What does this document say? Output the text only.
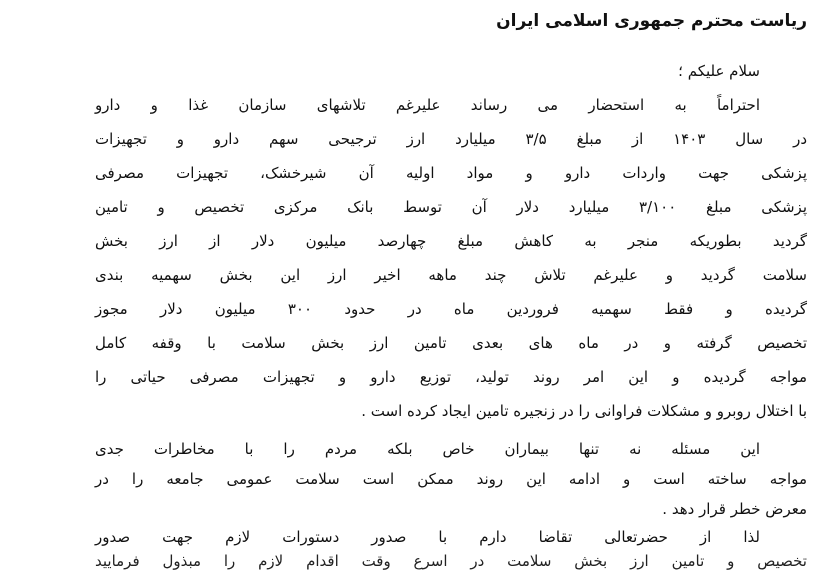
ریاست محترم جمهوری اسلامی ایران
سلام علیکم ؛
احتراماً به استحضار می رساند علیرغم تلاشهای سازمان غذا و دارو
در سال ۱۴۰۳ از مبلغ ۳/۵ میلیارد ارز ترجیحی سهم دارو و تجهیزات
پزشکی جهت واردات دارو و مواد اولیه آن شیرخشک، تجهیزات مصرفی
پزشکی مبلغ ۳/۱۰۰ میلیارد دلار آن توسط بانک مرکزی تخصیص و تامین
گردید بطوریکه منجر به کاهش مبلغ چهارصد میلیون دلار از ارز بخش
سلامت گردید و علیرغم تلاش چند ماهه اخیر ارز این بخش سهمیه بندی
گردیده و فقط سهمیه فروردین ماه در حدود ۳۰۰ میلیون دلار مجوز
تخصیص گرفته و در ماه های بعدی تامین ارز بخش سلامت با وقفه کامل
مواجه گردیده و این امر روند تولید، توزیع دارو و تجهیزات مصرفی حیاتی را
با اختلال روبرو و مشکلات فراوانی را در زنجیره تامین ایجاد کرده است .
این مسئله نه تنها بیماران خاص بلکه مردم را با مخاطرات جدی
مواجه ساخته است و ادامه این روند ممکن است سلامت عمومی جامعه را در
معرض خطر قرار دهد .
لذا از حضرتعالی تقاضا دارم با صدور دستورات لازم جهت صدور
تخصیص و تامین ارز بخش سلامت در اسرع وقت اقدام لازم را مبذول فرمایید
